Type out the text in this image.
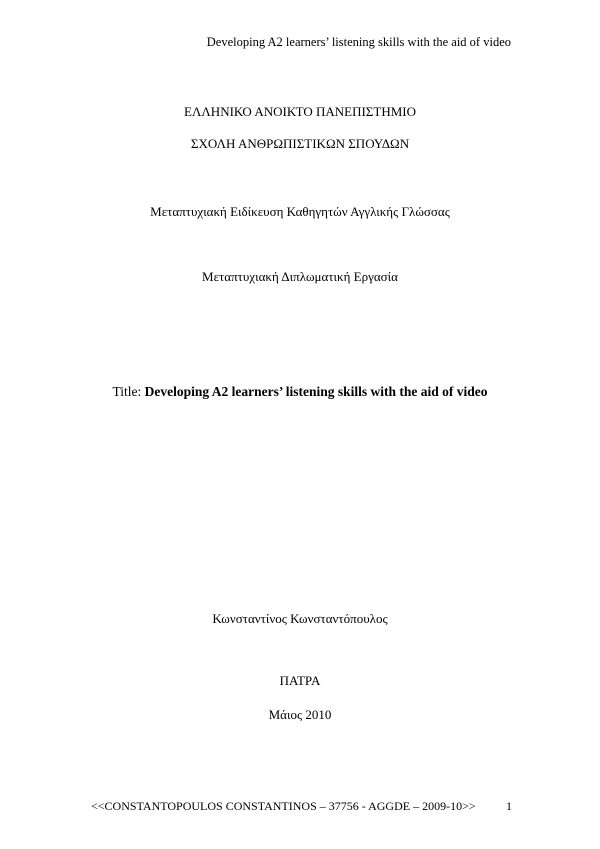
Developing A2 learners’ listening skills with the aid of video
ΕΛΛΗΝΙΚΟ ΑΝΟΙΚΤΟ ΠΑΝΕΠΙΣΤΗΜΙΟ
ΣΧΟΛΗ ΑΝΘΡΩΠΙΣΤΙΚΩΝ ΣΠΟΥΔΩΝ
Μεταπτυχιακή Ειδίκευση Καθηγητών Αγγλικής Γλώσσας
Μεταπτυχιακή Διπλωματική Εργασία
Title: Developing A2 learners’ listening skills with the aid of video
Κωνσταντίνος Κωνσταντόπουλος
ΠΑΤΡΑ
Μάιος 2010
<<CONSTANTOPOULOS CONSTANTINOS – 37756 - AGGDE – 2009-10>>	1
